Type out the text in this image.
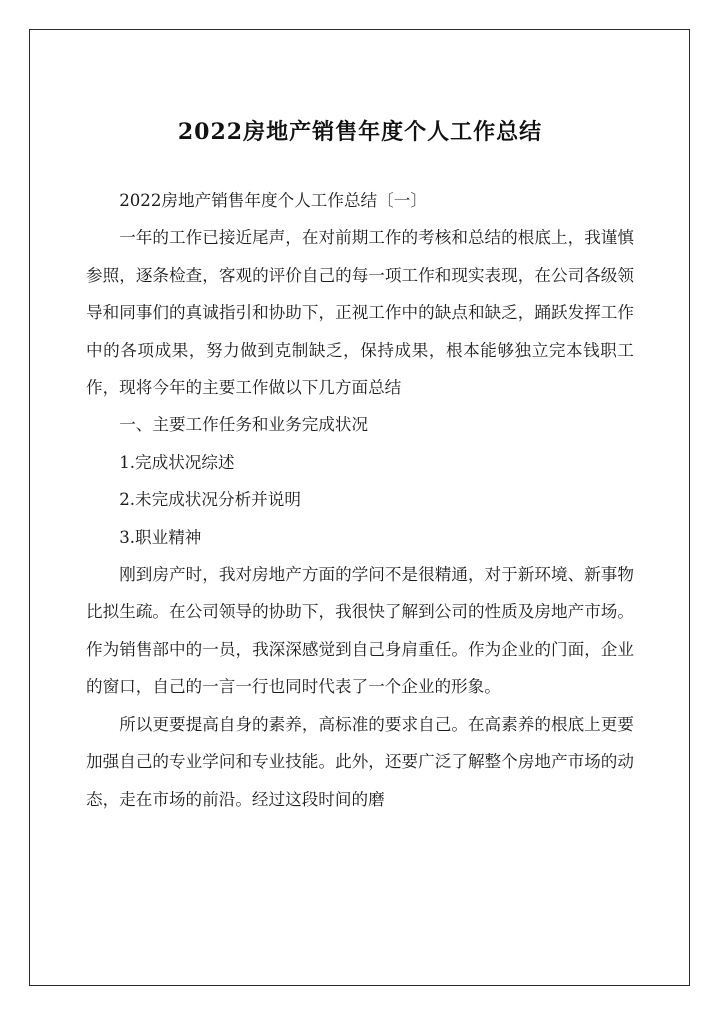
2022房地产销售年度个人工作总结

2022房地产销售年度个人工作总结〔一〕

一年的工作已接近尾声，在对前期工作的考核和总结的根底上，我谨慎参照，逐条检查，客观的评价自己的每一项工作和现实表现，在公司各级领导和同事们的真诚指引和协助下，正视工作中的缺点和缺乏，踊跃发挥工作中的各项成果，努力做到克制缺乏，保持成果，根本能够独立完本钱职工作，现将今年的主要工作做以下几方面总结

一、主要工作任务和业务完成状况

1.完成状况综述

2.未完成状况分析并说明

3.职业精神

刚到房产时，我对房地产方面的学问不是很精通，对于新环境、新事物比拟生疏。在公司领导的协助下，我很快了解到公司的性质及房地产市场。作为销售部中的一员，我深深感觉到自己身肩重任。作为企业的门面，企业的窗口，自己的一言一行也同时代表了一个企业的形象。

所以更要提高自身的素养，高标准的要求自己。在高素养的根底上更要加强自己的专业学问和专业技能。此外，还要广泛了解整个房地产市场的动态，走在市场的前沿。经过这段时间的磨
